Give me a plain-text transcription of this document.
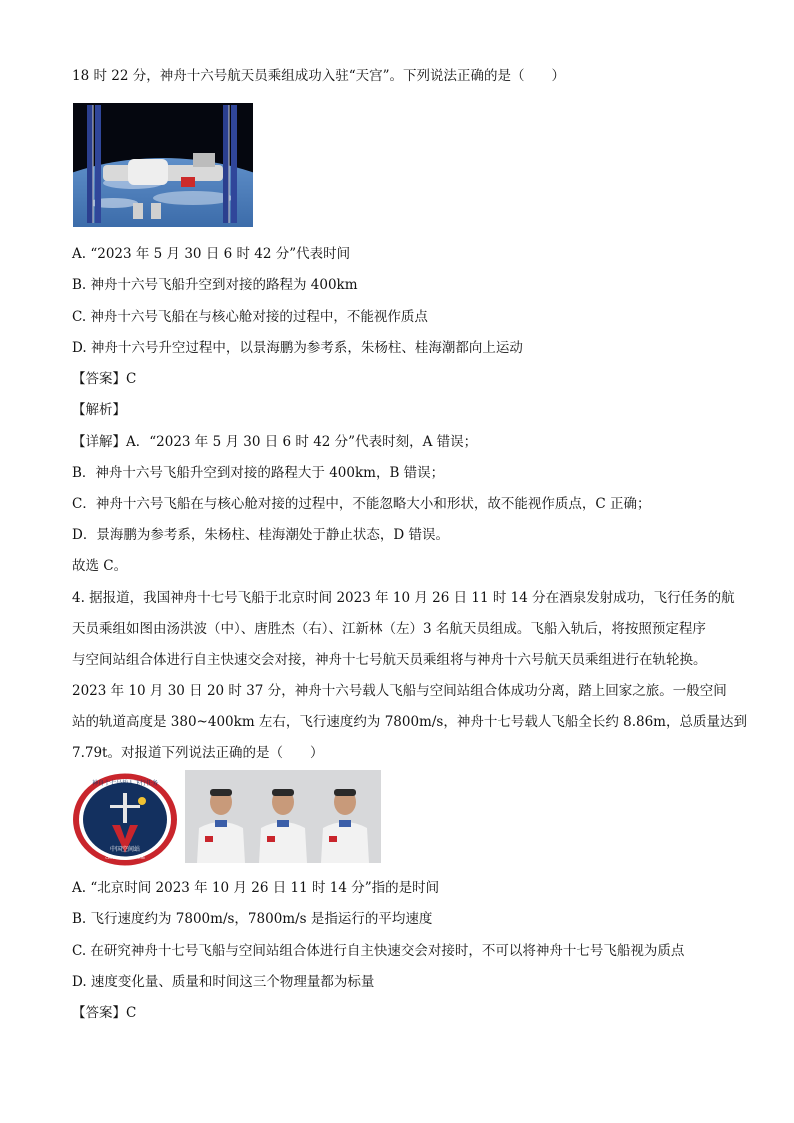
18 时 22 分，神舟十六号航天员乘组成功入驻“天宫”。下列说法正确的是（　　）
A. “2023 年 5 月 30 日 6 时 42 分”代表时间
B. 神舟十六号飞船升空到对接的路程为 400km
C. 神舟十六号飞船在与核心舱对接的过程中，不能视作质点
D. 神舟十六号升空过程中，以景海鹏为参考系，朱杨柱、桂海潮都向上运动
【答案】C
【解析】
【详解】A．“2023 年 5 月 30 日 6 时 42 分”代表时刻，A 错误；
B．神舟十六号飞船升空到对接的路程大于 400km，B 错误；
C．神舟十六号飞船在与核心舱对接的过程中，不能忽略大小和形状，故不能视作质点，C 正确；
D．景海鹏为参考系，朱杨柱、桂海潮处于静止状态，D 错误。
故选 C。
4. 据报道，我国神舟十七号飞船于北京时间 2023 年 10 月 26 日 11 时 14 分在酒泉发射成功，飞行任务的航
天员乘组如图由汤洪波（中）、唐胜杰（右）、江新林（左）3 名航天员组成。飞船入轨后，将按照预定程序
与空间站组合体进行自主快速交会对接，神舟十七号航天员乘组将与神舟十六号航天员乘组进行在轨轮换。
2023 年 10 月 30 日 20 时 37 分，神舟十六号载人飞船与空间站组合体成功分离，踏上回家之旅。一般空间
站的轨道高度是 380~400km 左右，飞行速度约为 7800m/s，神舟十七号载人飞船全长约 8.86m，总质量达到
7.79t。对报道下列说法正确的是（　　）
神舟十七号载人飞行任务
中国空间站
CHINA SPACE STATION
A. “北京时间 2023 年 10 月 26 日 11 时 14 分”指的是时间
B. 飞行速度约为 7800m/s，7800m/s 是指运行的平均速度
C. 在研究神舟十七号飞船与空间站组合体进行自主快速交会对接时，不可以将神舟十七号飞船视为质点
D. 速度变化量、质量和时间这三个物理量都为标量
【答案】C
